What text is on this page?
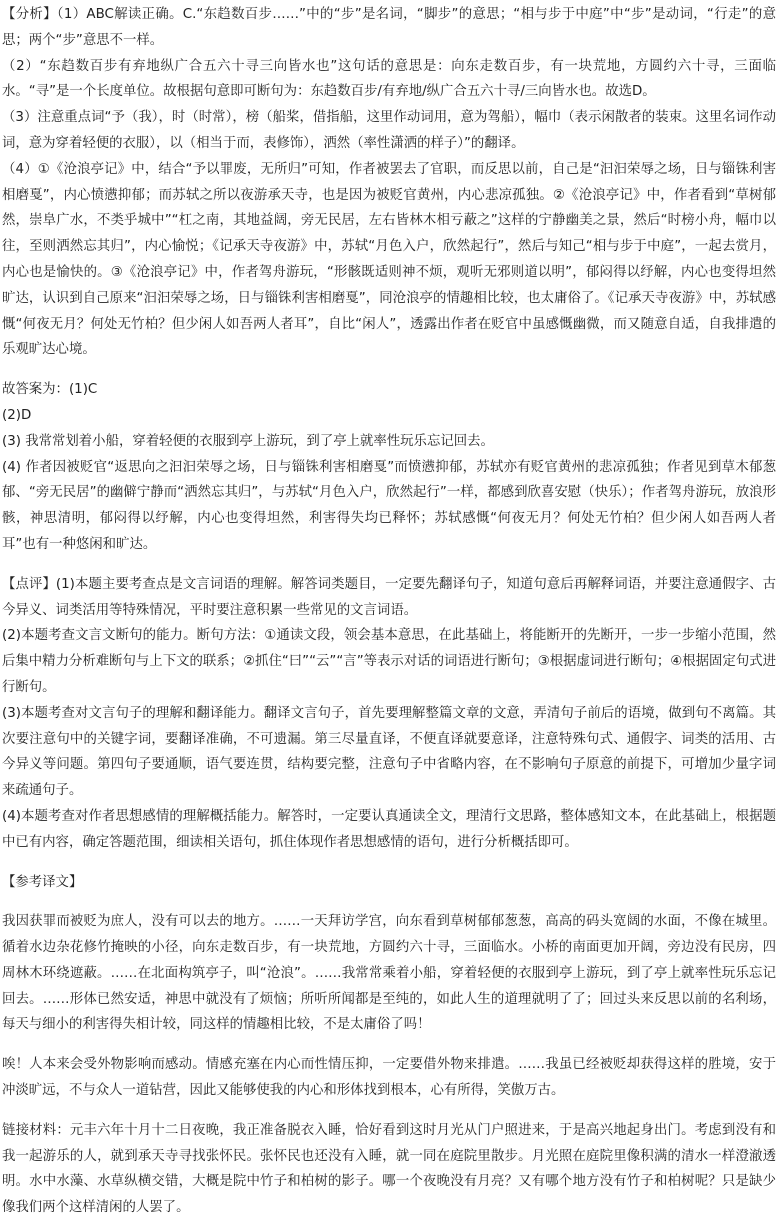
【分析】（1）ABC解读正确。C.“东趋数百步……”中的“步”是名词，“脚步”的意思；“相与步于中庭”中“步”是动词，“行走”的意思；两个“步”意思不一样。

（2）“东趋数百步有弃地纵广合五六十寻三向皆水也”这句话的意思是：向东走数百步，有一块荒地，方圆约六十寻，三面临水。“寻”是一个长度单位。故根据句意即可断句为：东趋数百步/有弃地/纵广合五六十寻/三向皆水也。故选D。

（3）注意重点词“予（我），时（时常），榜（船桨，借指船，这里作动词用，意为驾船），幅巾（表示闲散者的装束。这里名词作动词，意为穿着轻便的衣服），以（相当于而，表修饰），洒然（率性潇洒的样子）”的翻译。

（4）①《沧浪亭记》中，结合“予以罪废，无所归”可知，作者被罢去了官职，而反思以前，自己是“汩汩荣辱之场，日与锱铢利害相磨戛”，内心愤懑抑郁；而苏轼之所以夜游承天寺，也是因为被贬官黄州，内心悲凉孤独。②《沧浪亭记》中，作者看到“草树郁然，崇阜广水，不类乎城中”“杠之南，其地益阔，旁无民居，左右皆林木相亏蔽之”这样的宁静幽美之景，然后“时榜小舟，幅巾以往，至则洒然忘其归”，内心愉悦；《记承天寺夜游》中，苏轼“月色入户，欣然起行”，然后与知己“相与步于中庭”，一起去赏月，内心也是愉快的。③《沧浪亭记》中，作者驾舟游玩，“形骸既适则神不烦，观听无邪则道以明”，郁闷得以纾解，内心也变得坦然旷达，认识到自己原来“汩汩荣辱之场，日与锱铢利害相磨戛”，同沧浪亭的情趣相比较，也太庸俗了。《记承天寺夜游》中，苏轼感慨“何夜无月？何处无竹柏？但少闲人如吾两人者耳”，自比“闲人”，透露出作者在贬官中虽感慨幽微，而又随意自适，自我排遣的乐观旷达心境。

故答案为：(1)C

(2)D

(3) 我常常划着小船，穿着轻便的衣服到亭上游玩，到了亭上就率性玩乐忘记回去。

(4) 作者因被贬官“返思向之汩汩荣辱之场，日与锱铢利害相磨戛”而愤懑抑郁，苏轼亦有贬官黄州的悲凉孤独；作者见到草木郁葱郁、“旁无民居”的幽僻宁静而“洒然忘其归”，与苏轼“月色入户，欣然起行”一样，都感到欣喜安慰（快乐）；作者驾舟游玩，放浪形骸，神思清明，郁闷得以纾解，内心也变得坦然，利害得失均已释怀；苏轼感慨“何夜无月？何处无竹柏？但少闲人如吾两人者耳”也有一种悠闲和旷达。

【点评】(1)本题主要考查点是文言词语的理解。解答词类题目，一定要先翻译句子，知道句意后再解释词语，并要注意通假字、古今异义、词类活用等特殊情况，平时要注意积累一些常见的文言词语。

(2)本题考查文言文断句的能力。断句方法：①通读文段，领会基本意思，在此基础上，将能断开的先断开，一步一步缩小范围，然后集中精力分析难断句与上下文的联系；②抓住“曰”“云”“言”等表示对话的词语进行断句；③根据虚词进行断句；④根据固定句式进行断句。

(3)本题考查对文言句子的理解和翻译能力。翻译文言句子，首先要理解整篇文章的文意，弄清句子前后的语境，做到句不离篇。其次要注意句中的关键字词，要翻译准确，不可遗漏。第三尽量直译，不便直译就要意译，注意特殊句式、通假字、词类的活用、古今异义等问题。第四句子要通顺，语气要连贯，结构要完整，注意句子中省略内容，在不影响句子原意的前提下，可增加少量字词来疏通句子。

(4)本题考查对作者思想感情的理解概括能力。解答时，一定要认真通读全文，理清行文思路，整体感知文本，在此基础上，根据题中已有内容，确定答题范围，细读相关语句，抓住体现作者思想感情的语句，进行分析概括即可。

【参考译文】

我因获罪而被贬为庶人，没有可以去的地方。……一天拜访学宫，向东看到草树郁郁葱葱，高高的码头宽阔的水面，不像在城里。循着水边杂花修竹掩映的小径，向东走数百步，有一块荒地，方圆约六十寻，三面临水。小桥的南面更加开阔，旁边没有民房，四周林木环绕遮蔽。……在北面构筑亭子，叫“沧浪”。……我常常乘着小船，穿着轻便的衣服到亭上游玩，到了亭上就率性玩乐忘记回去。……形体已然安适，神思中就没有了烦恼；所听所闻都是至纯的，如此人生的道理就明了了；回过头来反思以前的名利场，每天与细小的利害得失相计较，同这样的情趣相比较，不是太庸俗了吗！

唉！人本来会受外物影响而感动。情感充塞在内心而性情压抑，一定要借外物来排遣。……我虽已经被贬却获得这样的胜境，安于冲淡旷远，不与众人一道钻营，因此又能够使我的内心和形体找到根本，心有所得，笑傲万古。

链接材料：元丰六年十月十二日夜晚，我正准备脱衣入睡，恰好看到这时月光从门户照进来，于是高兴地起身出门。考虑到没有和我一起游乐的人，就到承天寺寻找张怀民。张怀民也还没有入睡，就一同在庭院里散步。月光照在庭院里像积满的清水一样澄澈透明。水中水藻、水草纵横交错，大概是院中竹子和柏树的影子。哪一个夜晚没有月亮？又有哪个地方没有竹子和柏树呢？只是缺少像我们两个这样清闲的人罢了。
